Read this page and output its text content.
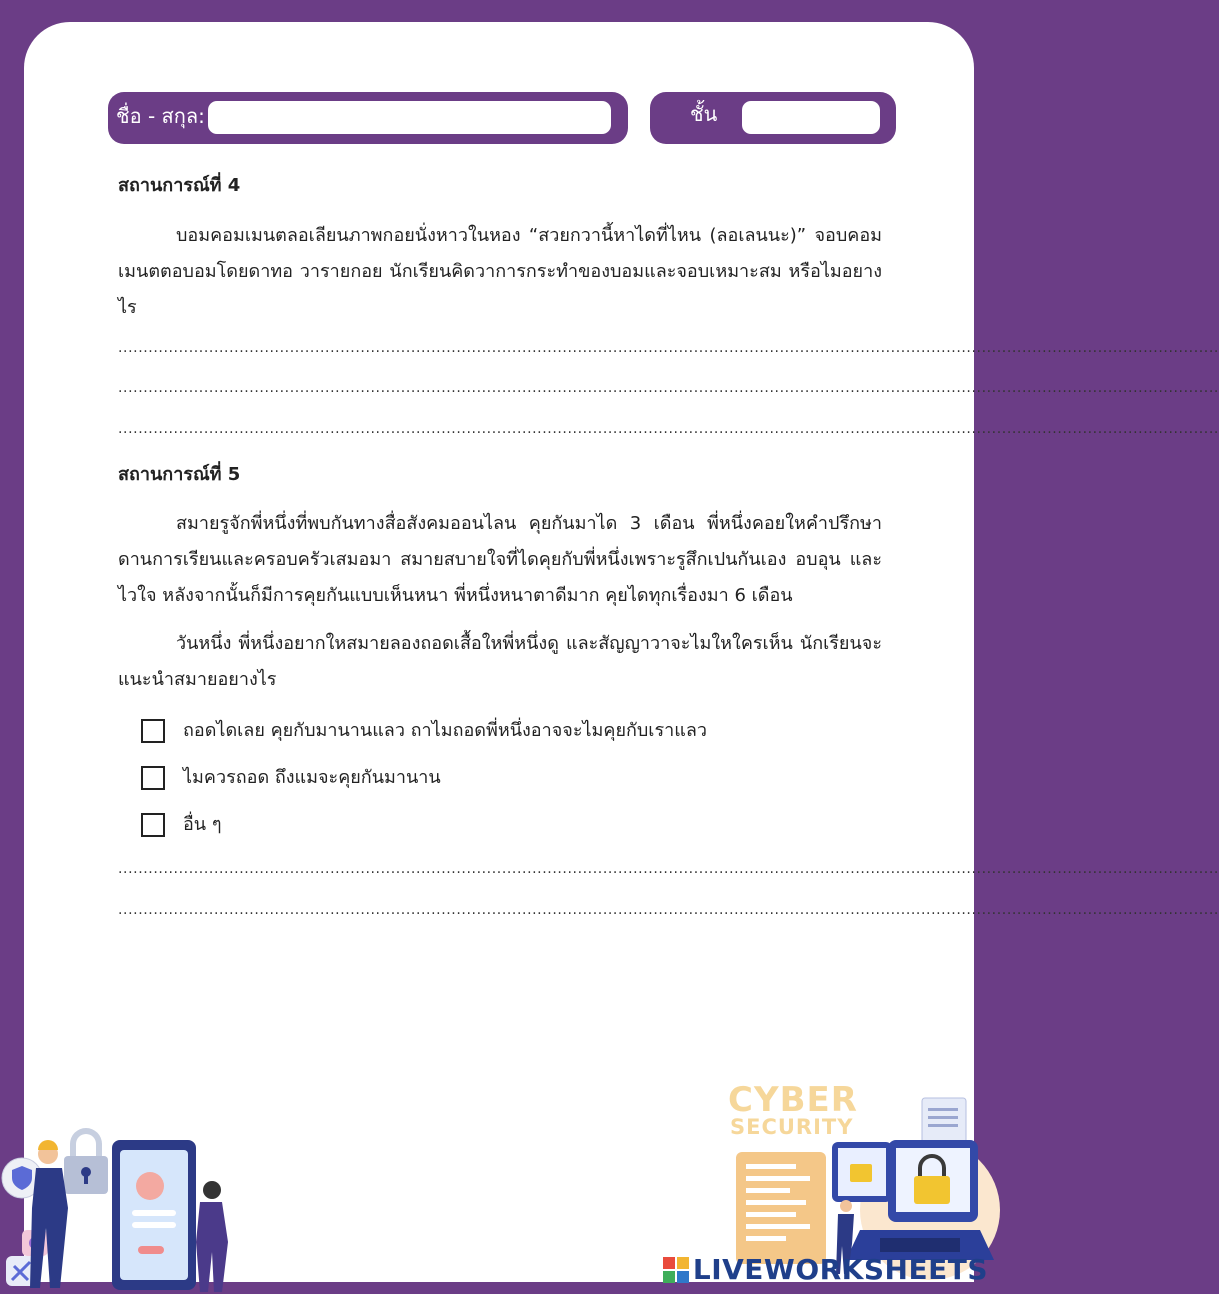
ชื่อ - สกุล:	ชั้น
สถานการณ์ที่ 4

บอมคอมเมนตลอเลียนภาพกอยนั่งหาวในหอง “สวยกวานี้หาไดที่ไหน (ลอเลนนะ)” จอบคอมเมนตตอบอมโดยดาทอ วารายกอย นักเรียนคิดวาการกระทำของบอมและจอบเหมาะสม หรือไมอยางไร

..........................................................................................................................................................................................................................
..........................................................................................................................................................................................................................
..........................................................................................................................................................................................................................
สถานการณ์ที่ 5

สมายรูจักพี่หนึ่งที่พบกันทางสื่อสังคมออนไลน คุยกันมาได 3 เดือน พี่หนึ่งคอยใหคำปรึกษาดานการเรียนและครอบครัวเสมอมา สมายสบายใจที่ไดคุยกับพี่หนึ่งเพราะรูสึกเปนกันเอง อบอุน และไวใจ หลังจากนั้นก็มีการคุยกันแบบเห็นหนา พี่หนึ่งหนาตาดีมาก คุยไดทุกเรื่องมา 6 เดือน

วันหนึ่ง พี่หนึ่งอยากใหสมายลองถอดเสื้อใหพี่หนึ่งดู และสัญญาวาจะไมใหใครเห็น นักเรียนจะแนะนำสมายอยางไร

ถอดไดเลย คุยกับมานานแลว ถาไมถอดพี่หนึ่งอาจจะไมคุยกับเราแลว
ไมควรถอด ถึงแมจะคุยกันมานาน
อื่น ๆ
..........................................................................................................................................................................................................................
..........................................................................................................................................................................................................................
CYBER
SECURITY
LIVEWORKSHEETS
